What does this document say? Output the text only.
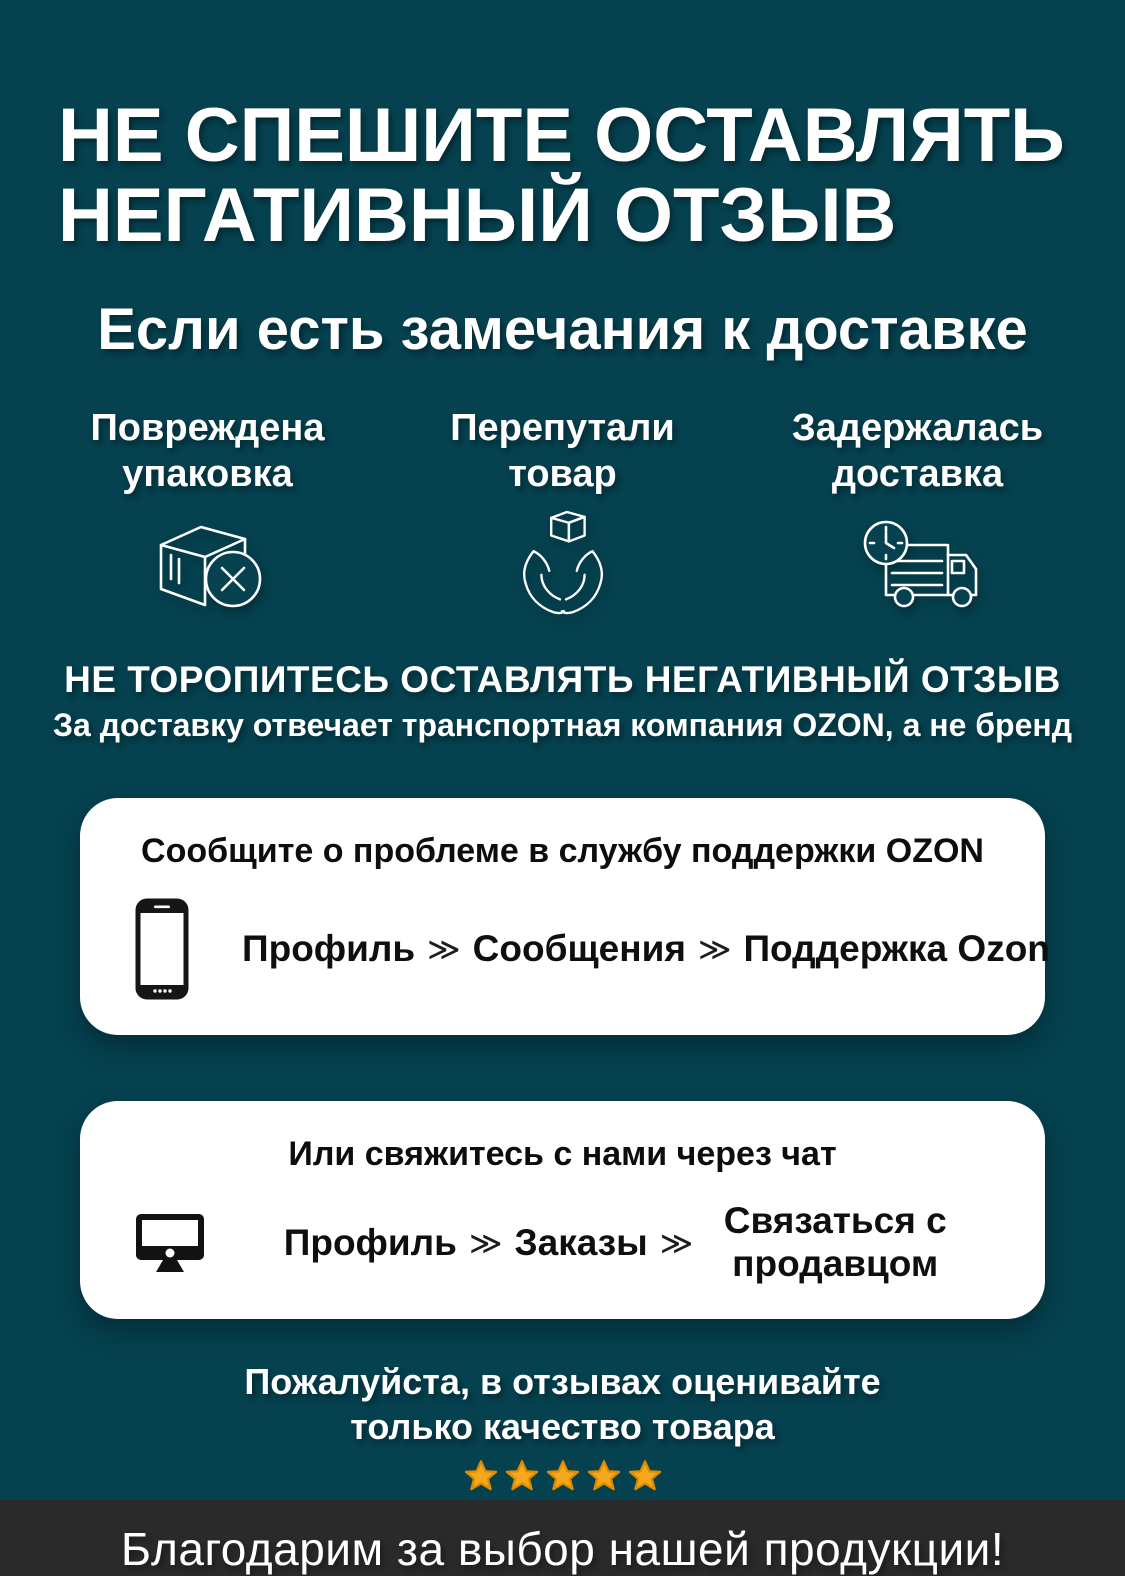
НЕ СПЕШИТЕ ОСТАВЛЯТЬ
НЕГАТИВНЫЙ ОТЗЫВ
Если есть замечания к доставке
Повреждена
упаковка
Перепутали
товар
Задержалась
доставка
НЕ ТОРОПИТЕСЬ ОСТАВЛЯТЬ НЕГАТИВНЫЙ ОТЗЫВ
За доставку отвечает транспортная компания OZON, а не бренд
Сообщите о проблеме в службу поддержки OZON
Профиль ≫ Сообщения ≫ Поддержка Ozon
Или свяжитесь с нами через чат
Профиль ≫ Заказы ≫
Связаться с продавцом
Пожалуйста, в отзывах оценивайте
только качество товара
Благодарим за выбор нашей продукции!
